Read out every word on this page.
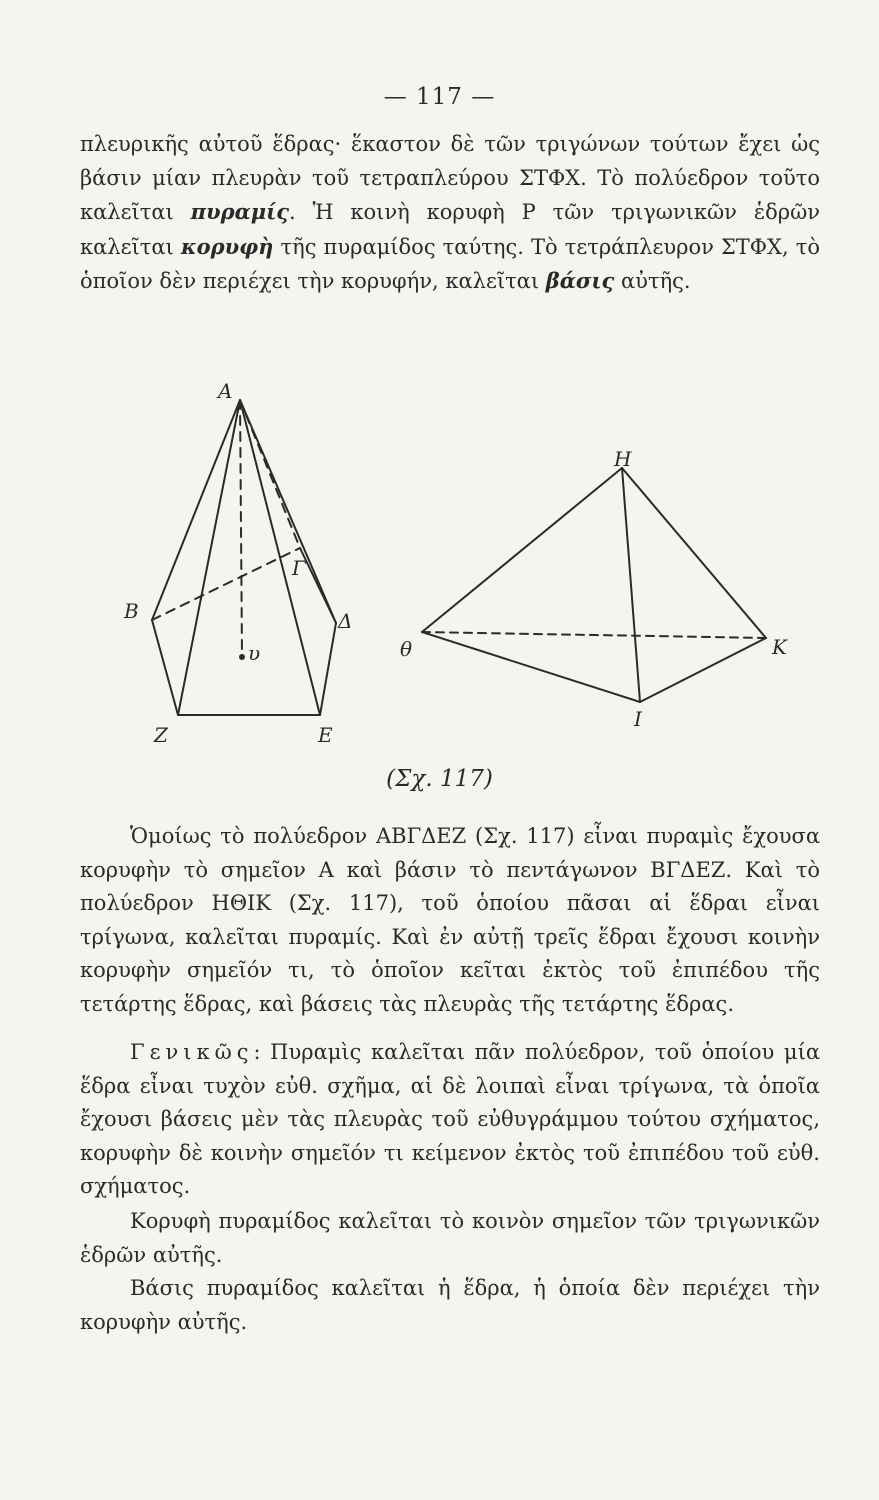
— 117 —

πλευρικῆς αὐτοῦ ἕδρας· ἕκαστον δὲ τῶν τριγώνων τούτων ἔχει ὡς βάσιν μίαν πλευρὰν τοῦ τετραπλεύρου ΣΤΦΧ. Τὸ πολύεδρον τοῦτο καλεῖται πυραμίς. Ἡ κοινὴ κορυφὴ Ρ τῶν τριγωνικῶν ἑδρῶν καλεῖται κορυφὴ τῆς πυραμίδος ταύτης. Τὸ τετράπλευρον ΣΤΦΧ, τὸ ὁποῖον δὲν περιέχει τὴν κορυφήν, καλεῖται βάσις αὐτῆς.

Α
Β
Γ
Δ
Ε
Ζ
υ
Η
θ
Ι
Κ
(Σχ. 117)

Ὁμοίως τὸ πολύεδρον ΑΒΓΔΕΖ (Σχ. 117) εἶναι πυραμὶς ἔχουσα κορυφὴν τὸ σημεῖον Α καὶ βάσιν τὸ πεντάγωνον ΒΓΔΕΖ. Καὶ τὸ πολύεδρον ΗΘΙΚ (Σχ. 117), τοῦ ὁποίου πᾶσαι αἱ ἕδραι εἶναι τρίγωνα, καλεῖται πυραμίς. Καὶ ἐν αὐτῇ τρεῖς ἕδραι ἔχουσι κοινὴν κορυφὴν σημεῖόν τι, τὸ ὁποῖον κεῖται ἐκτὸς τοῦ ἐπιπέδου τῆς τετάρτης ἕδρας, καὶ βάσεις τὰς πλευρὰς τῆς τετάρτης ἕδρας.

Γενικῶς: Πυραμὶς καλεῖται πᾶν πολύεδρον, τοῦ ὁποίου μία ἕδρα εἶναι τυχὸν εὐθ. σχῆμα, αἱ δὲ λοιπαὶ εἶναι τρίγωνα, τὰ ὁποῖα ἔχουσι βάσεις μὲν τὰς πλευρὰς τοῦ εὐθυγράμμου τούτου σχήματος, κορυφὴν δὲ κοινὴν σημεῖόν τι κείμενον ἐκτὸς τοῦ ἐπιπέδου τοῦ εὐθ. σχήματος.

Κορυφὴ πυραμίδος καλεῖται τὸ κοινὸν σημεῖον τῶν τριγωνικῶν ἑδρῶν αὐτῆς.

Βάσις πυραμίδος καλεῖται ἡ ἕδρα, ἡ ὁποία δὲν περιέχει τὴν κορυφὴν αὐτῆς.
